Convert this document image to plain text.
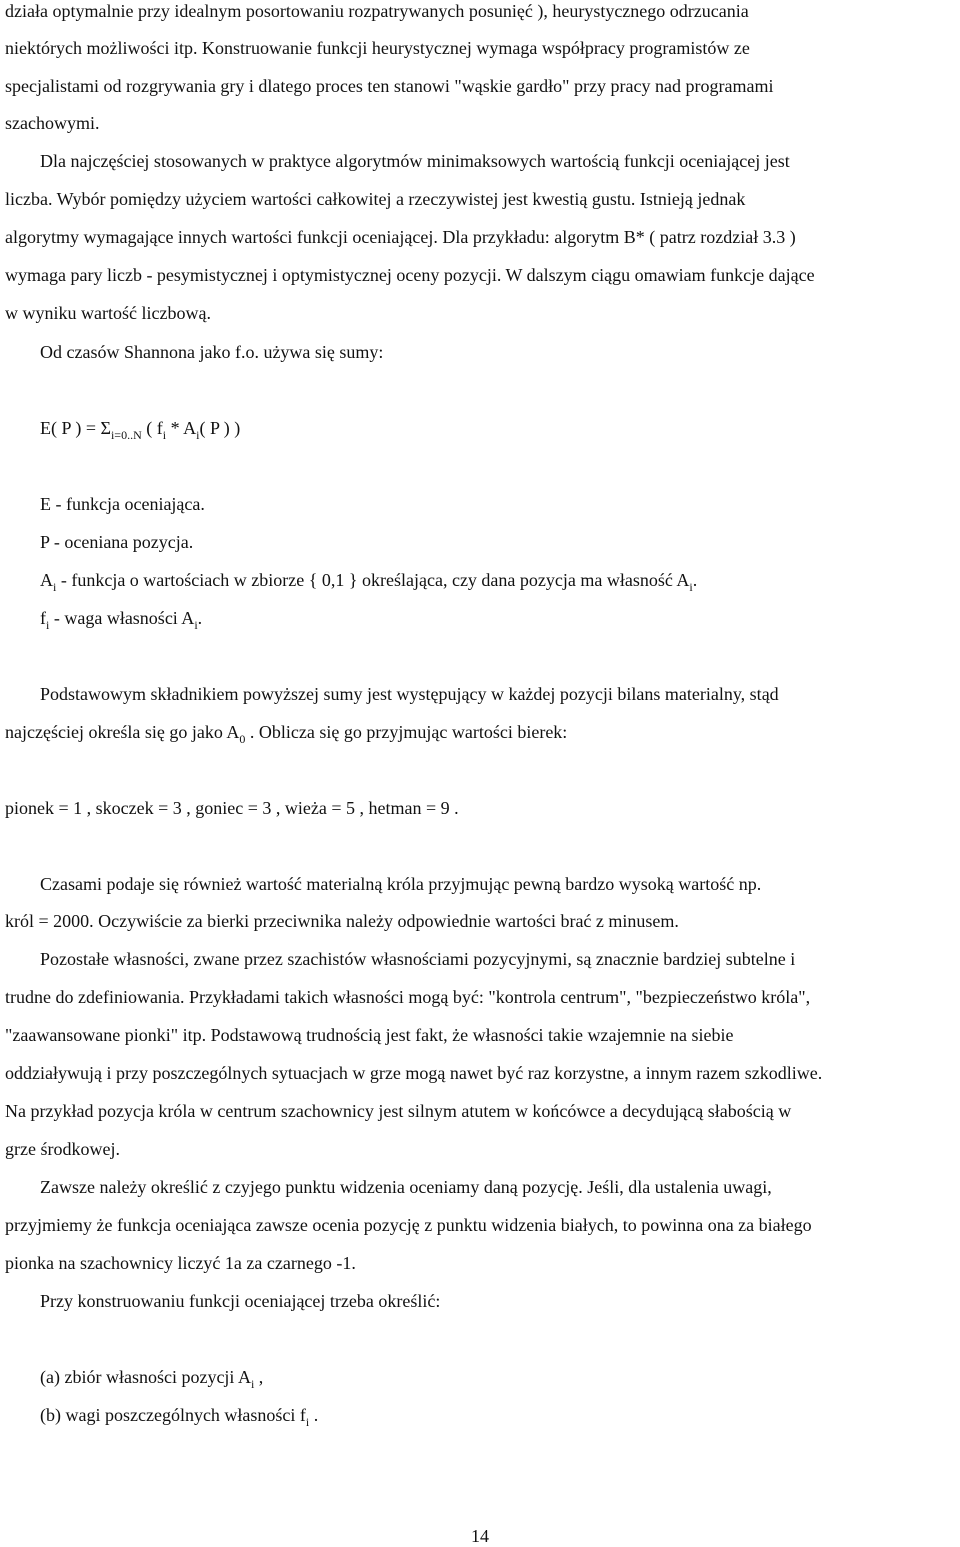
działa optymalnie przy idealnym posortowaniu rozpatrywanych posunięć ), heurystycznego odrzucania
niektórych możliwości itp. Konstruowanie funkcji heurystycznej wymaga współpracy programistów ze
specjalistami od rozgrywania gry i dlatego proces ten stanowi "wąskie gardło" przy pracy nad programami
szachowymi.
Dla najczęściej stosowanych w praktyce algorytmów minimaksowych wartością funkcji oceniającej jest
liczba. Wybór pomiędzy użyciem wartości całkowitej a rzeczywistej jest kwestią gustu. Istnieją jednak
algorytmy wymagające innych wartości funkcji oceniającej. Dla przykładu: algorytm B* ( patrz rozdział 3.3 )
wymaga pary liczb - pesymistycznej i optymistycznej oceny pozycji. W dalszym ciągu omawiam funkcje dające
w wyniku wartość liczbową.
Od czasów Shannona jako f.o. używa się sumy:
E( P ) = $\Sigma_{i=0..N}$ ( $f_i * A_i$( P ) )
E - funkcja oceniająca.
P - oceniana pozycja.
$A_i$ - funkcja o wartościach w zbiorze { 0,1 } określająca, czy dana pozycja ma własność $A_i$.
$f_i$ - waga własności $A_i$.
Podstawowym składnikiem powyższej sumy jest występujący w każdej pozycji bilans materialny, stąd
najczęściej określa się go jako $A_0$ . Oblicza się go przyjmując wartości bierek:
pionek = 1 , skoczek = 3 , goniec = 3 , wieża = 5 , hetman = 9 .
Czasami podaje się również wartość materialną króla przyjmując pewną bardzo wysoką wartość np.
król = 2000. Oczywiście za bierki przeciwnika należy odpowiednie wartości brać z minusem.
Pozostałe własności, zwane przez szachistów własnościami pozycyjnymi, są znacznie bardziej subtelne i
trudne do zdefiniowania. Przykładami takich własności mogą być: "kontrola centrum", "bezpieczeństwo króla",
"zaawansowane pionki" itp. Podstawową trudnością jest fakt, że własności takie wzajemnie na siebie
oddziaływują i przy poszczególnych sytuacjach w grze mogą nawet być raz korzystne, a innym razem szkodliwe.
Na przykład pozycja króla w centrum szachownicy jest silnym atutem w końcówce a decydującą słabością w
grze środkowej.
Zawsze należy określić z czyjego punktu widzenia oceniamy daną pozycję. Jeśli, dla ustalenia uwagi,
przyjmiemy że funkcja oceniająca zawsze ocenia pozycję z punktu widzenia białych, to powinna ona za białego
pionka na szachownicy liczyć 1a za czarnego -1.
Przy konstruowaniu funkcji oceniającej trzeba określić:
(a) zbiór własności pozycji $A_i$ ,
(b) wagi poszczególnych własności $f_i$ .
14
